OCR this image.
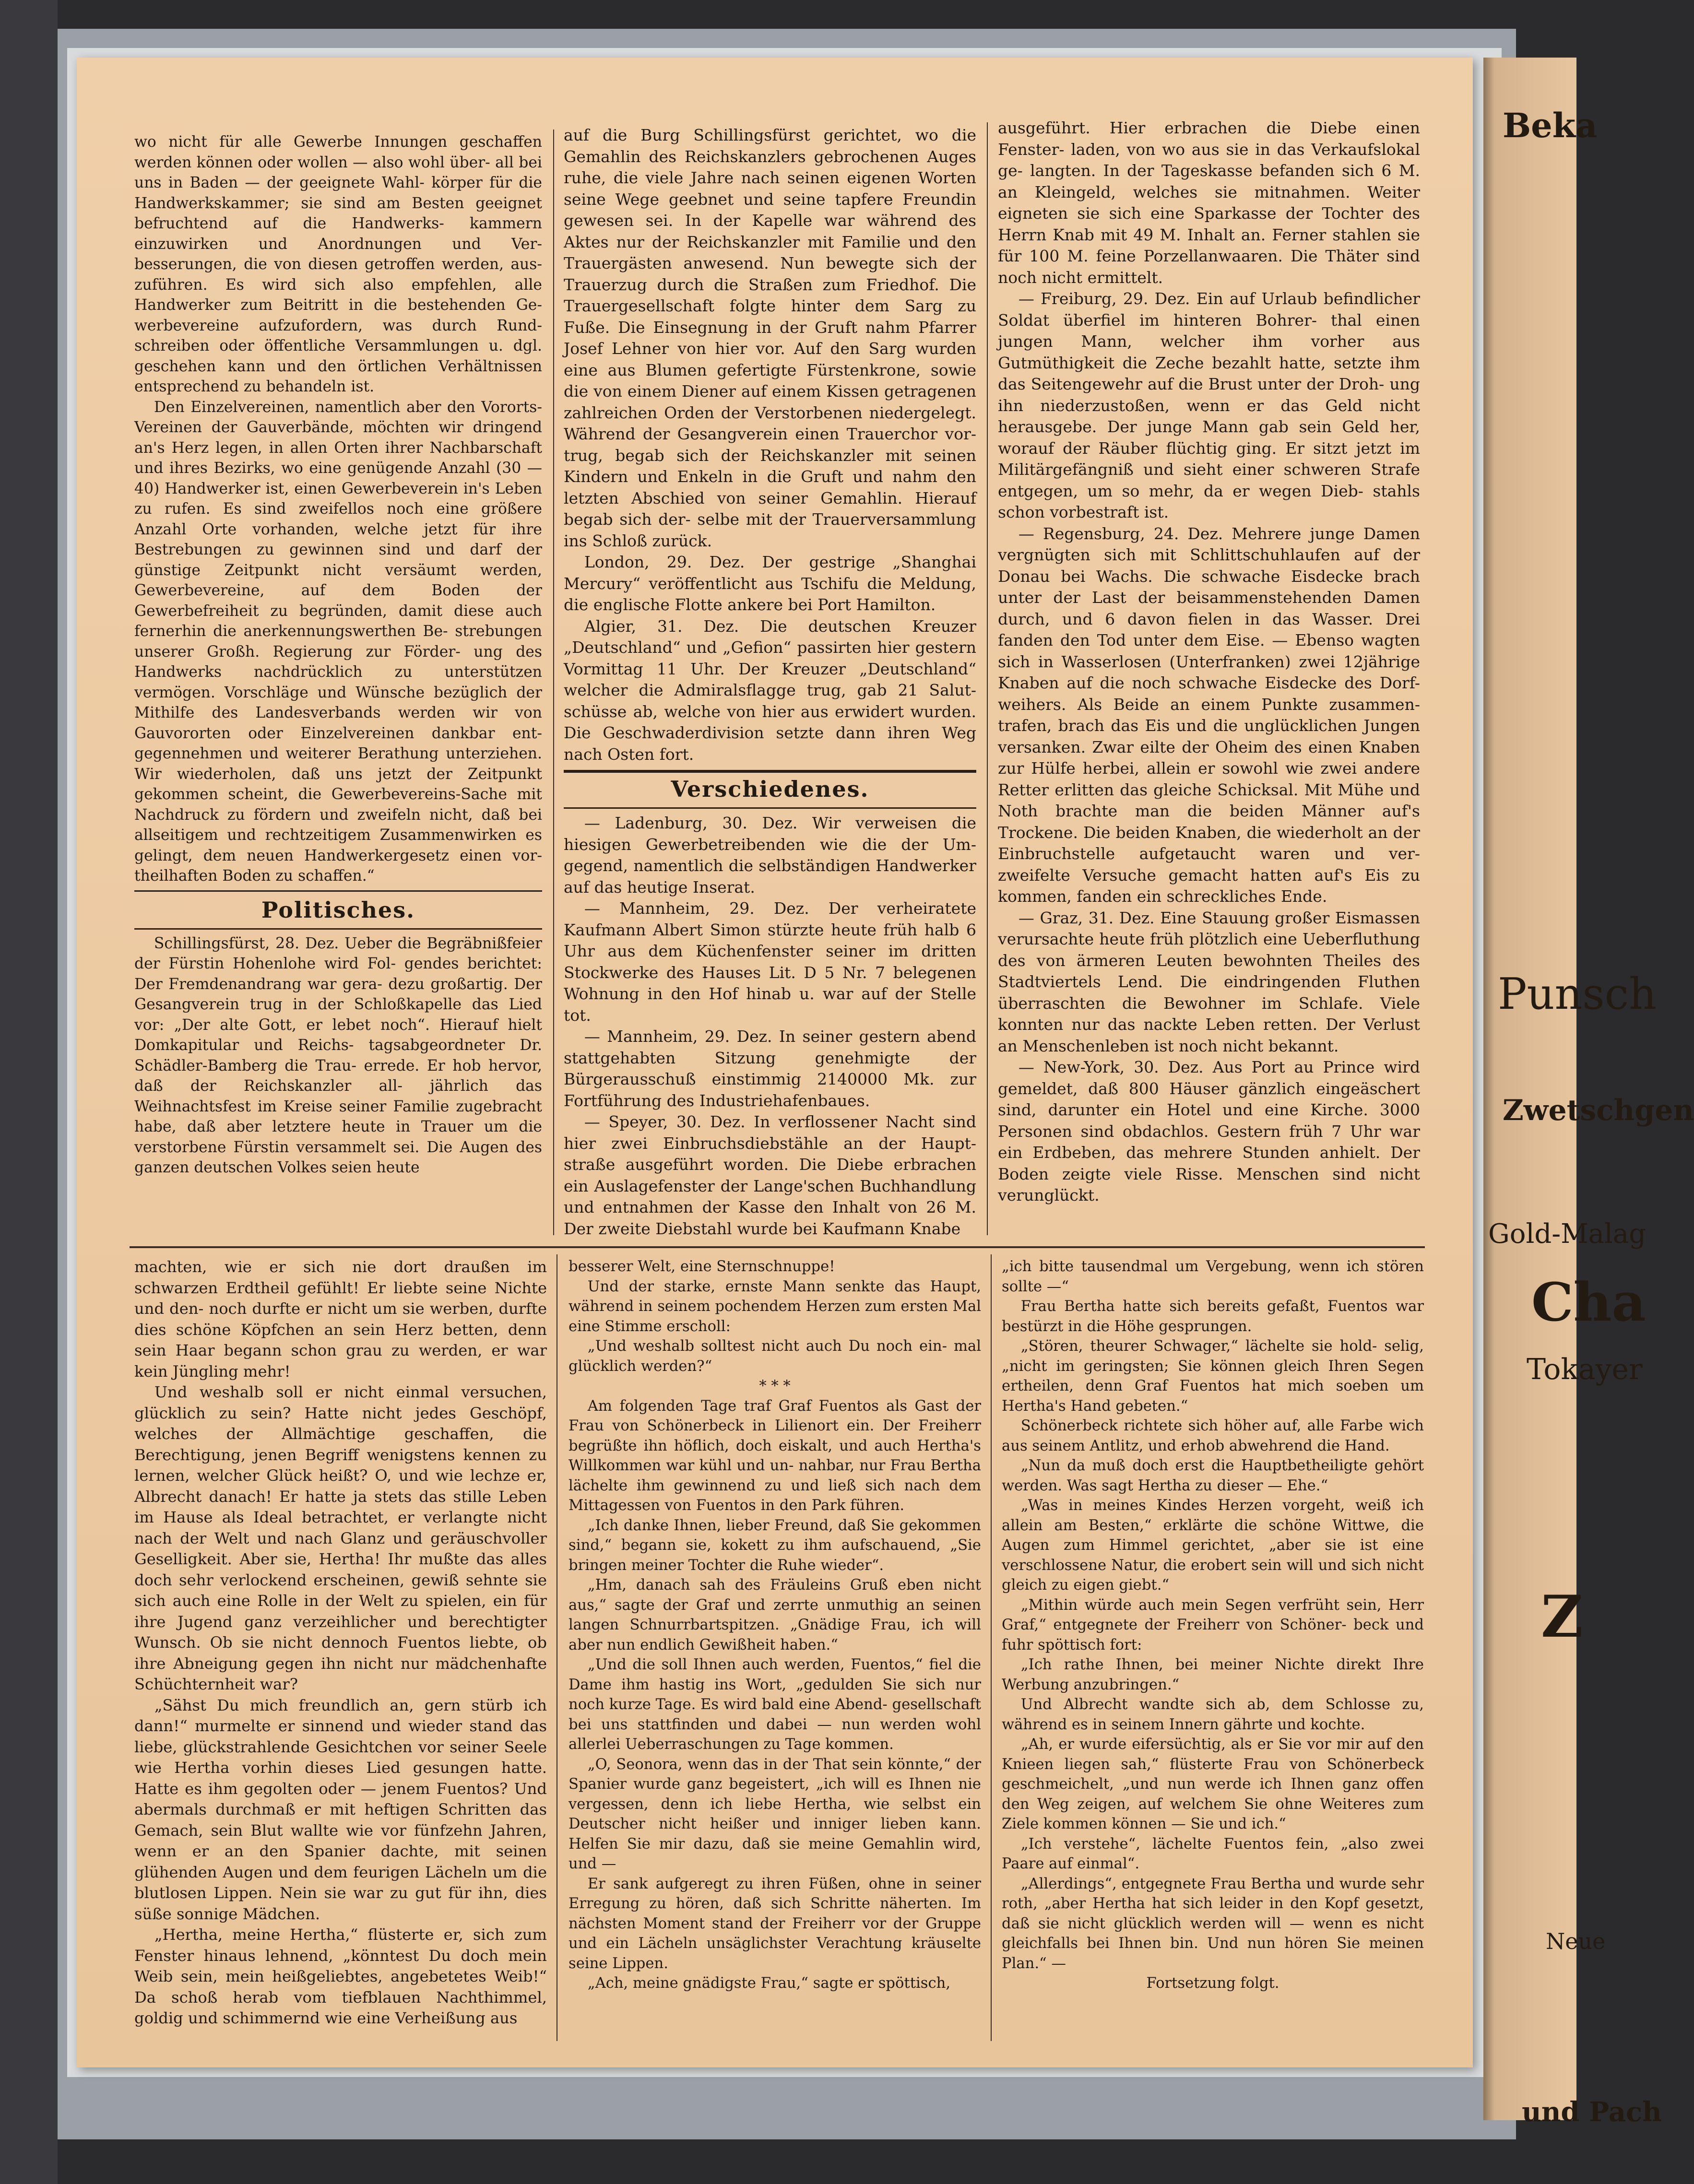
wo nicht für alle Gewerbe Innungen geschaffen werden können oder wollen — also wohl über- all bei uns in Baden — der geeignete Wahl- körper für die Handwerkskammer; sie sind am Besten geeignet befruchtend auf die Handwerks- kammern einzuwirken und Anordnungen und Ver- besserungen, die von diesen getroffen werden, aus- zuführen. Es wird sich also empfehlen, alle Handwerker zum Beitritt in die bestehenden Ge- werbevereine aufzufordern, was durch Rund- schreiben oder öffentliche Versammlungen u. dgl. geschehen kann und den örtlichen Verhältnissen entsprechend zu behandeln ist.

Den Einzelvereinen, namentlich aber den Vororts-Vereinen der Gauverbände, möchten wir dringend an's Herz legen, in allen Orten ihrer Nachbarschaft und ihres Bezirks, wo eine genügende Anzahl (30 — 40) Handwerker ist, einen Gewerbeverein in's Leben zu rufen. Es sind zweifellos noch eine größere Anzahl Orte vorhanden, welche jetzt für ihre Bestrebungen zu gewinnen sind und darf der günstige Zeitpunkt nicht versäumt werden, Gewerbevereine, auf dem Boden der Gewerbefreiheit zu begründen, damit diese auch fernerhin die anerkennungswerthen Be- strebungen unserer Großh. Regierung zur Förder- ung des Handwerks nachdrücklich zu unterstützen vermögen. Vorschläge und Wünsche bezüglich der Mithilfe des Landesverbands werden wir von Gauvororten oder Einzelvereinen dankbar ent- gegennehmen und weiterer Berathung unterziehen. Wir wiederholen, daß uns jetzt der Zeitpunkt gekommen scheint, die Gewerbevereins-Sache mit Nachdruck zu fördern und zweifeln nicht, daß bei allseitigem und rechtzeitigem Zusammenwirken es gelingt, dem neuen Handwerkergesetz einen vor- theilhaften Boden zu schaffen.“

Politisches.

Schillingsfürst, 28. Dez. Ueber die Begräbnißfeier der Fürstin Hohenlohe wird Fol- gendes berichtet: Der Fremdenandrang war gera- dezu großartig. Der Gesangverein trug in der Schloßkapelle das Lied vor: „Der alte Gott, er lebet noch“. Hierauf hielt Domkapitular und Reichs- tagsabgeordneter Dr. Schädler-Bamberg die Trau- errede. Er hob hervor, daß der Reichskanzler all- jährlich das Weihnachtsfest im Kreise seiner Familie zugebracht habe, daß aber letztere heute in Trauer um die verstorbene Fürstin versammelt sei. Die Augen des ganzen deutschen Volkes seien heute

auf die Burg Schillingsfürst gerichtet, wo die Gemahlin des Reichskanzlers gebrochenen Auges ruhe, die viele Jahre nach seinen eigenen Worten seine Wege geebnet und seine tapfere Freundin gewesen sei. In der Kapelle war während des Aktes nur der Reichskanzler mit Familie und den Trauergästen anwesend. Nun bewegte sich der Trauerzug durch die Straßen zum Friedhof. Die Trauergesellschaft folgte hinter dem Sarg zu Fuße. Die Einsegnung in der Gruft nahm Pfarrer Josef Lehner von hier vor. Auf den Sarg wurden eine aus Blumen gefertigte Fürstenkrone, sowie die von einem Diener auf einem Kissen getragenen zahlreichen Orden der Verstorbenen niedergelegt. Während der Gesangverein einen Trauerchor vor- trug, begab sich der Reichskanzler mit seinen Kindern und Enkeln in die Gruft und nahm den letzten Abschied von seiner Gemahlin. Hierauf begab sich der- selbe mit der Trauerversammlung ins Schloß zurück.

London, 29. Dez. Der gestrige „Shanghai Mercury“ veröffentlicht aus Tschifu die Meldung, die englische Flotte ankere bei Port Hamilton.

Algier, 31. Dez. Die deutschen Kreuzer „Deutschland“ und „Gefion“ passirten hier gestern Vormittag 11 Uhr. Der Kreuzer „Deutschland“ welcher die Admiralsflagge trug, gab 21 Salut- schüsse ab, welche von hier aus erwidert wurden. Die Geschwaderdivision setzte dann ihren Weg nach Osten fort.

Verschiedenes.

— Ladenburg, 30. Dez. Wir verweisen die hiesigen Gewerbetreibenden wie die der Um- gegend, namentlich die selbständigen Handwerker auf das heutige Inserat.

— Mannheim, 29. Dez. Der verheiratete Kaufmann Albert Simon stürzte heute früh halb 6 Uhr aus dem Küchenfenster seiner im dritten Stockwerke des Hauses Lit. D 5 Nr. 7 belegenen Wohnung in den Hof hinab u. war auf der Stelle tot.

— Mannheim, 29. Dez. In seiner gestern abend stattgehabten Sitzung genehmigte der Bürgerausschuß einstimmig 2140000 Mk. zur Fortführung des Industriehafenbaues.

— Speyer, 30. Dez. In verflossener Nacht sind hier zwei Einbruchsdiebstähle an der Haupt- straße ausgeführt worden. Die Diebe erbrachen ein Auslagefenster der Lange'schen Buchhandlung und entnahmen der Kasse den Inhalt von 26 M. Der zweite Diebstahl wurde bei Kaufmann Knabe

ausgeführt. Hier erbrachen die Diebe einen Fenster- laden, von wo aus sie in das Verkaufslokal ge- langten. In der Tageskasse befanden sich 6 M. an Kleingeld, welches sie mitnahmen. Weiter eigneten sie sich eine Sparkasse der Tochter des Herrn Knab mit 49 M. Inhalt an. Ferner stahlen sie für 100 M. feine Porzellanwaaren. Die Thäter sind noch nicht ermittelt.

— Freiburg, 29. Dez. Ein auf Urlaub befindlicher Soldat überfiel im hinteren Bohrer- thal einen jungen Mann, welcher ihm vorher aus Gutmüthigkeit die Zeche bezahlt hatte, setzte ihm das Seitengewehr auf die Brust unter der Droh- ung ihn niederzustoßen, wenn er das Geld nicht herausgebe. Der junge Mann gab sein Geld her, worauf der Räuber flüchtig ging. Er sitzt jetzt im Militärgefängniß und sieht einer schweren Strafe entgegen, um so mehr, da er wegen Dieb- stahls schon vorbestraft ist.

— Regensburg, 24. Dez. Mehrere junge Damen vergnügten sich mit Schlittschuhlaufen auf der Donau bei Wachs. Die schwache Eisdecke brach unter der Last der beisammenstehenden Damen durch, und 6 davon fielen in das Wasser. Drei fanden den Tod unter dem Eise. — Ebenso wagten sich in Wasserlosen (Unterfranken) zwei 12jährige Knaben auf die noch schwache Eisdecke des Dorf- weihers. Als Beide an einem Punkte zusammen- trafen, brach das Eis und die unglücklichen Jungen versanken. Zwar eilte der Oheim des einen Knaben zur Hülfe herbei, allein er sowohl wie zwei andere Retter erlitten das gleiche Schicksal. Mit Mühe und Noth brachte man die beiden Männer auf's Trockene. Die beiden Knaben, die wiederholt an der Einbruchstelle aufgetaucht waren und ver- zweifelte Versuche gemacht hatten auf's Eis zu kommen, fanden ein schreckliches Ende.

— Graz, 31. Dez. Eine Stauung großer Eismassen verursachte heute früh plötzlich eine Ueberfluthung des von ärmeren Leuten bewohnten Theiles des Stadtviertels Lend. Die eindringenden Fluthen überraschten die Bewohner im Schlafe. Viele konnten nur das nackte Leben retten. Der Verlust an Menschenleben ist noch nicht bekannt.

— New-York, 30. Dez. Aus Port au Prince wird gemeldet, daß 800 Häuser gänzlich eingeäschert sind, darunter ein Hotel und eine Kirche. 3000 Personen sind obdachlos. Gestern früh 7 Uhr war ein Erdbeben, das mehrere Stunden anhielt. Der Boden zeigte viele Risse. Menschen sind nicht verunglückt.

machten, wie er sich nie dort draußen im schwarzen Erdtheil gefühlt! Er liebte seine Nichte und den- noch durfte er nicht um sie werben, durfte dies schöne Köpfchen an sein Herz betten, denn sein Haar begann schon grau zu werden, er war kein Jüngling mehr!

Und weshalb soll er nicht einmal versuchen, glücklich zu sein? Hatte nicht jedes Geschöpf, welches der Allmächtige geschaffen, die Berechtigung, jenen Begriff wenigstens kennen zu lernen, welcher Glück heißt? O, und wie lechze er, Albrecht danach! Er hatte ja stets das stille Leben im Hause als Ideal betrachtet, er verlangte nicht nach der Welt und nach Glanz und geräuschvoller Geselligkeit. Aber sie, Hertha! Ihr mußte das alles doch sehr verlockend erscheinen, gewiß sehnte sie sich auch eine Rolle in der Welt zu spielen, ein für ihre Jugend ganz verzeihlicher und berechtigter Wunsch. Ob sie nicht dennoch Fuentos liebte, ob ihre Abneigung gegen ihn nicht nur mädchenhafte Schüchternheit war?

„Sähst Du mich freundlich an, gern stürb ich dann!“ murmelte er sinnend und wieder stand das liebe, glückstrahlende Gesichtchen vor seiner Seele wie Hertha vorhin dieses Lied gesungen hatte. Hatte es ihm gegolten oder — jenem Fuentos? Und abermals durchmaß er mit heftigen Schritten das Gemach, sein Blut wallte wie vor fünfzehn Jahren, wenn er an den Spanier dachte, mit seinen glühenden Augen und dem feurigen Lächeln um die blutlosen Lippen. Nein sie war zu gut für ihn, dies süße sonnige Mädchen.

„Hertha, meine Hertha,“ flüsterte er, sich zum Fenster hinaus lehnend, „könntest Du doch mein Weib sein, mein heißgeliebtes, angebetetes Weib!“ Da schoß herab vom tiefblauen Nachthimmel, goldig und schimmernd wie eine Verheißung aus

besserer Welt, eine Sternschnuppe!

Und der starke, ernste Mann senkte das Haupt, während in seinem pochendem Herzen zum ersten Mal eine Stimme erscholl:

„Und weshalb solltest nicht auch Du noch ein- mal glücklich werden?“

* * *

Am folgenden Tage traf Graf Fuentos als Gast der Frau von Schönerbeck in Lilienort ein. Der Freiherr begrüßte ihn höflich, doch eiskalt, und auch Hertha's Willkommen war kühl und un- nahbar, nur Frau Bertha lächelte ihm gewinnend zu und ließ sich nach dem Mittagessen von Fuentos in den Park führen.

„Ich danke Ihnen, lieber Freund, daß Sie gekommen sind,“ begann sie, kokett zu ihm aufschauend, „Sie bringen meiner Tochter die Ruhe wieder“.

„Hm, danach sah des Fräuleins Gruß eben nicht aus,“ sagte der Graf und zerrte unmuthig an seinen langen Schnurrbartspitzen. „Gnädige Frau, ich will aber nun endlich Gewißheit haben.“

„Und die soll Ihnen auch werden, Fuentos,“ fiel die Dame ihm hastig ins Wort, „gedulden Sie sich nur noch kurze Tage. Es wird bald eine Abend- gesellschaft bei uns stattfinden und dabei — nun werden wohl allerlei Ueberraschungen zu Tage kommen.

„O, Seonora, wenn das in der That sein könnte,“ der Spanier wurde ganz begeistert, „ich will es Ihnen nie vergessen, denn ich liebe Hertha, wie selbst ein Deutscher nicht heißer und inniger lieben kann. Helfen Sie mir dazu, daß sie meine Gemahlin wird, und —

Er sank aufgeregt zu ihren Füßen, ohne in seiner Erregung zu hören, daß sich Schritte näherten. Im nächsten Moment stand der Freiherr vor der Gruppe und ein Lächeln unsäglichster Verachtung kräuselte seine Lippen.

„Ach, meine gnädigste Frau,“ sagte er spöttisch,

„ich bitte tausendmal um Vergebung, wenn ich stören sollte —“

Frau Bertha hatte sich bereits gefaßt, Fuentos war bestürzt in die Höhe gesprungen.

„Stören, theurer Schwager,“ lächelte sie hold- selig, „nicht im geringsten; Sie können gleich Ihren Segen ertheilen, denn Graf Fuentos hat mich soeben um Hertha's Hand gebeten.“

Schönerbeck richtete sich höher auf, alle Farbe wich aus seinem Antlitz, und erhob abwehrend die Hand.

„Nun da muß doch erst die Hauptbetheiligte gehört werden. Was sagt Hertha zu dieser — Ehe.“

„Was in meines Kindes Herzen vorgeht, weiß ich allein am Besten,“ erklärte die schöne Wittwe, die Augen zum Himmel gerichtet, „aber sie ist eine verschlossene Natur, die erobert sein will und sich nicht gleich zu eigen giebt.“

„Mithin würde auch mein Segen verfrüht sein, Herr Graf,“ entgegnete der Freiherr von Schöner- beck und fuhr spöttisch fort:

„Ich rathe Ihnen, bei meiner Nichte direkt Ihre Werbung anzubringen.“

Und Albrecht wandte sich ab, dem Schlosse zu, während es in seinem Innern gährte und kochte.

„Ah, er wurde eifersüchtig, als er Sie vor mir auf den Knieen liegen sah,“ flüsterte Frau von Schönerbeck geschmeichelt, „und nun werde ich Ihnen ganz offen den Weg zeigen, auf welchem Sie ohne Weiteres zum Ziele kommen können — Sie und ich.“

„Ich verstehe“, lächelte Fuentos fein, „also zwei Paare auf einmal“.

„Allerdings“, entgegnete Frau Bertha und wurde sehr roth, „aber Hertha hat sich leider in den Kopf gesetzt, daß sie nicht glücklich werden will — wenn es nicht gleichfalls bei Ihnen bin. Und nun hören Sie meinen Plan.“ —

Fortsetzung folgt.

Beka
Punsch
Zwetschgen
Gold-Malag
Cha
Tokayer
Z
Neue
und Pach
